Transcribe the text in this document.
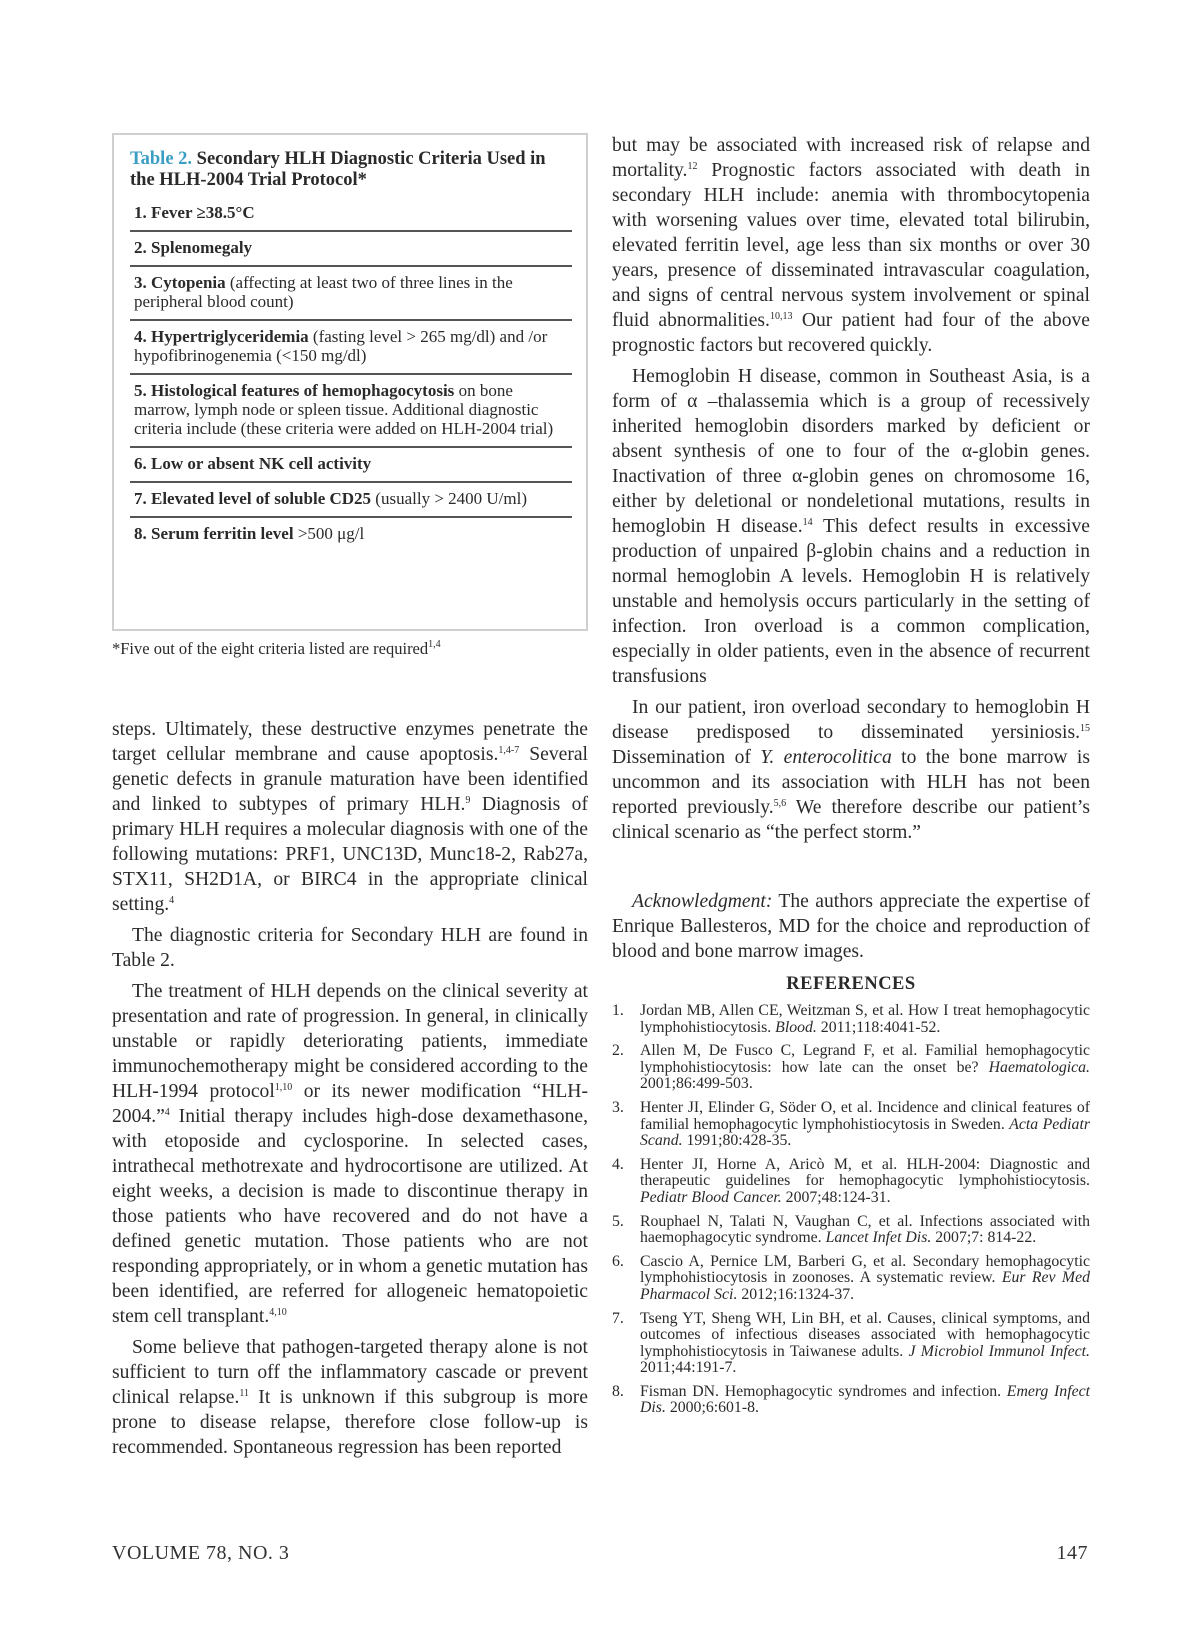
Table 2. Secondary HLH Diagnostic Criteria Used in the HLH-2004 Trial Protocol*
1. Fever ≥38.5°C
2. Splenomegaly
3. Cytopenia (affecting at least two of three lines in the peripheral blood count)
4. Hypertriglyceridemia (fasting level > 265 mg/dl) and /or hypofibrinogenemia (<150 mg/dl)
5. Histological features of hemophagocytosis on bone marrow, lymph node or spleen tissue. Additional diagnostic criteria include (these criteria were added on HLH-2004 trial)
6. Low or absent NK cell activity
7. Elevated level of soluble CD25 (usually > 2400 U/ml)
8. Serum ferritin level >500 μg/l
*Five out of the eight criteria listed are required$^{1,4}$

steps. Ultimately, these destructive enzymes penetrate the target cellular membrane and cause apoptosis.$^{1,4-7}$ Several genetic defects in granule maturation have been identified and linked to subtypes of primary HLH.$^9$ Diagnosis of primary HLH requires a molecular diagnosis with one of the following mutations: PRF1, UNC13D, Munc18-2, Rab27a, STX11, SH2D1A, or BIRC4 in the appropriate clinical setting.$^4$

The diagnostic criteria for Secondary HLH are found in Table 2.

The treatment of HLH depends on the clinical severity at presentation and rate of progression. In general, in clinically unstable or rapidly deteriorating patients, immediate immunochemotherapy might be considered according to the HLH-1994 protocol$^{1,10}$ or its newer modification “HLH-2004.”$^4$ Initial therapy includes high-dose dexamethasone, with etoposide and cyclosporine. In selected cases, intrathecal methotrexate and hydrocortisone are utilized. At eight weeks, a decision is made to discontinue therapy in those patients who have recovered and do not have a defined genetic mutation. Those patients who are not responding appropriately, or in whom a genetic mutation has been identified, are referred for allogeneic hematopoietic stem cell transplant.$^{4,10}$

Some believe that pathogen-targeted therapy alone is not sufficient to turn off the inflammatory cascade or prevent clinical relapse.$^{11}$ It is unknown if this subgroup is more prone to disease relapse, therefore close follow-up is recommended. Spontaneous regression has been reported

but may be associated with increased risk of relapse and mortality.$^{12}$ Prognostic factors associated with death in secondary HLH include: anemia with thrombocytopenia with worsening values over time, elevated total bilirubin, elevated ferritin level, age less than six months or over 30 years, presence of disseminated intravascular coagulation, and signs of central nervous system involvement or spinal fluid abnormalities.$^{10,13}$ Our patient had four of the above prognostic factors but recovered quickly.

Hemoglobin H disease, common in Southeast Asia, is a form of α –thalassemia which is a group of recessively inherited hemoglobin disorders marked by deficient or absent synthesis of one to four of the α-globin genes. Inactivation of three α-globin genes on chromosome 16, either by deletional or nondeletional mutations, results in hemoglobin H disease.$^{14}$ This defect results in excessive production of unpaired β-globin chains and a reduction in normal hemoglobin A levels. Hemoglobin H is relatively unstable and hemolysis occurs particularly in the setting of infection. Iron overload is a common complication, especially in older patients, even in the absence of recurrent transfusions

In our patient, iron overload secondary to hemoglobin H disease predisposed to disseminated yersiniosis.$^{15}$ Dissemination of Y. enterocolitica to the bone marrow is uncommon and its association with HLH has not been reported previously.$^{5,6}$ We therefore describe our patient’s clinical scenario as “the perfect storm.”

Acknowledgment: The authors appreciate the expertise of Enrique Ballesteros, MD for the choice and reproduction of blood and bone marrow images.

REFERENCES
1.	Jordan MB, Allen CE, Weitzman S, et al. How I treat hemophagocytic lymphohistiocytosis. Blood. 2011;118:4041-52.
2.	Allen M, De Fusco C, Legrand F, et al. Familial hemophagocytic lymphohistiocytosis: how late can the onset be? Haematologica. 2001;86:499-503.
3.	Henter JI, Elinder G, Söder O, et al. Incidence and clinical features of familial hemophagocytic lymphohistiocytosis in Sweden. Acta Pediatr Scand. 1991;80:428-35.
4.	Henter JI, Horne A, Aricò M, et al. HLH-2004: Diagnostic and therapeutic guidelines for hemophagocytic lymphohistiocytosis. Pediatr Blood Cancer. 2007;48:124-31.
5.	Rouphael N, Talati N, Vaughan C, et al. Infections associated with haemophagocytic syndrome. Lancet Infet Dis. 2007;7: 814-22.
6.	Cascio A, Pernice LM, Barberi G, et al. Secondary hemophagocytic lymphohistiocytosis in zoonoses. A systematic review. Eur Rev Med Pharmacol Sci. 2012;16:1324-37.
7.	Tseng YT, Sheng WH, Lin BH, et al. Causes, clinical symptoms, and outcomes of infectious diseases associated with hemophagocytic lymphohistiocytosis in Taiwanese adults. J Microbiol Immunol Infect. 2011;44:191-7.
8.	Fisman DN. Hemophagocytic syndromes and infection. Emerg Infect Dis. 2000;6:601-8.
VOLUME 78, NO. 3	147
